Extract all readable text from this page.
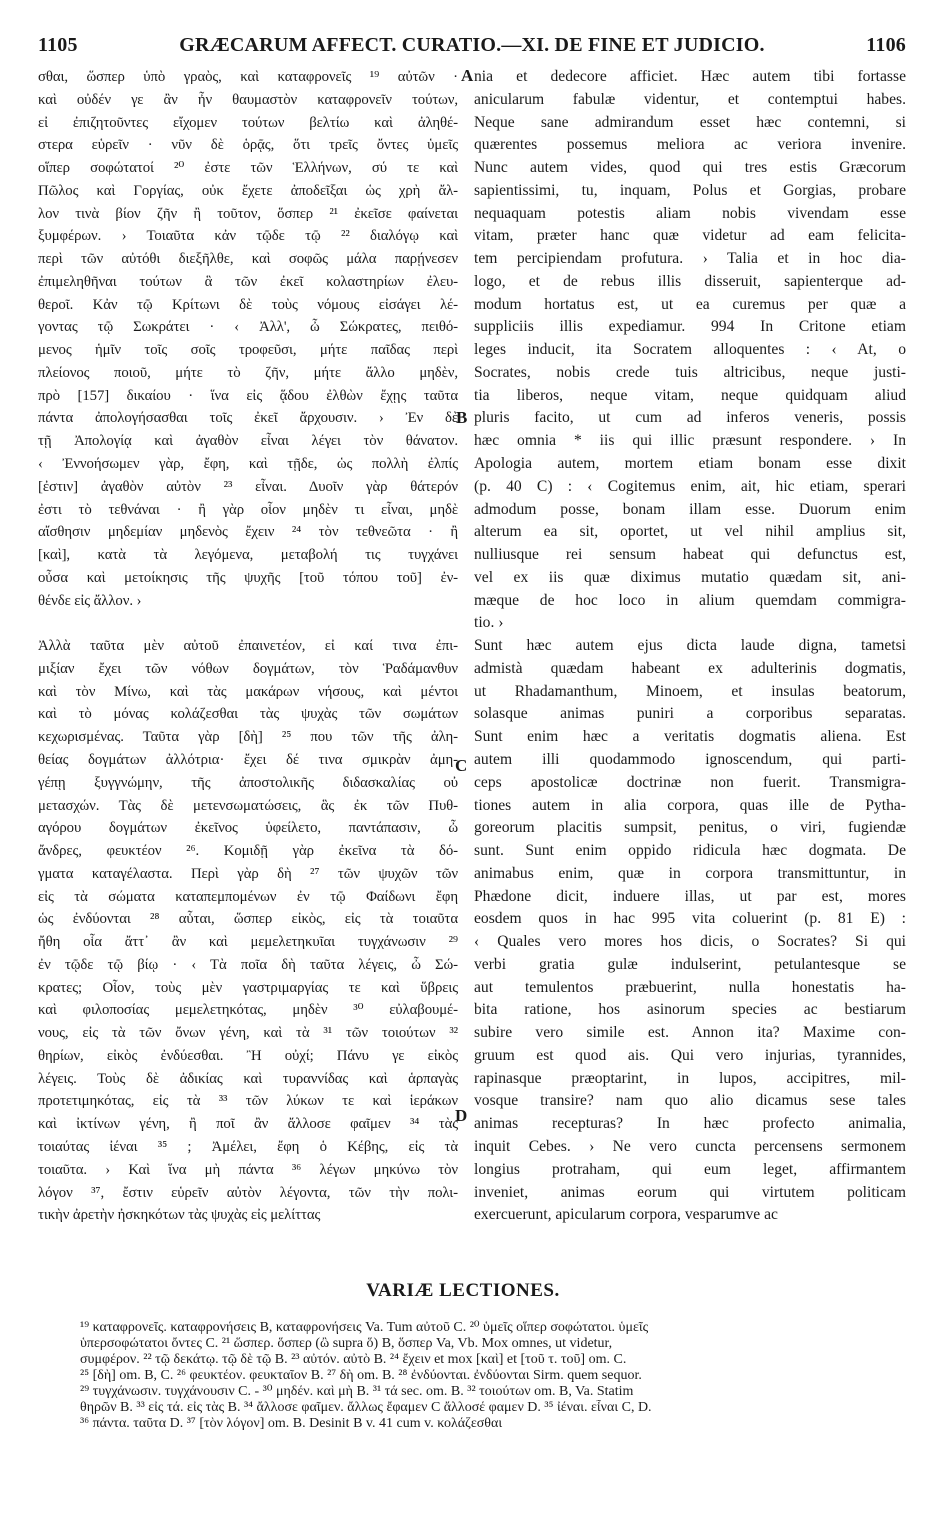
1105	GRÆCARUM AFFECT. CURATIO.—XI. DE FINE ET JUDICIO.	1106
σθαι, ὥσπερ ὑπὸ γραὸς, καὶ καταφρονεῖς ¹⁹ αὐτῶν ·
καὶ οὐδέν γε ἂν ἦν θαυμαστὸν καταφρονεῖν τούτων,
εἰ ἐπιζητοῦντες εἴχομεν τούτων βελτίω καὶ ἀληθέ-
στερα εὑρεῖν · νῦν δὲ ὁρᾷς, ὅτι τρεῖς ὄντες ὑμεῖς
οἵπερ σοφώτατοί ²⁰ ἐστε τῶν Ἑλλήνων, σύ τε καὶ
Πῶλος καὶ Γοργίας, οὐκ ἔχετε ἀποδεῖξαι ὡς χρὴ ἄλ-
λον τινὰ βίον ζῆν ἢ τοῦτον, ὅσπερ ²¹ ἐκεῖσε φαίνεται
ξυμφέρων. › Τοιαῦτα κἀν τῷδε τῷ ²² διαλόγῳ καὶ
περὶ τῶν αὐτόθι διεξῆλθε, καὶ σοφῶς μάλα παρῄνεσεν
ἐπιμεληθῆναι τούτων ἃ τῶν ἐκεῖ κολαστηρίων ἐλευ-
θεροῖ. Κἀν τῷ Κρίτωνι δὲ τοὺς νόμους εἰσάγει λέ-
γοντας τῷ Σωκράτει · ‹ Ἀλλ', ὦ Σώκρατες, πειθό-
μενος ἡμῖν τοῖς σοῖς τροφεῦσι, μήτε παῖδας περὶ
πλείονος ποιοῦ, μήτε τὸ ζῆν, μήτε ἄλλο μηδὲν,
πρὸ [157] δικαίου · ἵνα εἰς ᾅδου ἐλθὼν ἔχῃς ταῦτα
πάντα ἀπολογήσασθαι τοῖς ἐκεῖ ἄρχουσιν. › Ἐν δὲ
τῇ Ἀπολογίᾳ καὶ ἀγαθὸν εἶναι λέγει τὸν θάνατον.
‹ Ἐννοήσωμεν γὰρ, ἔφη, καὶ τῇδε, ὡς πολλὴ ἐλπίς
[ἐστιν] ἀγαθὸν αὐτὸν ²³ εἶναι. Δυοῖν γὰρ θάτερόν
ἐστι τὸ τεθνάναι · ἢ γὰρ οἷον μηδὲν τι εἶναι, μηδὲ
αἴσθησιν μηδεμίαν μηδενὸς ἔχειν ²⁴ τὸν τεθνεῶτα · ἢ
[καὶ], κατὰ τὰ λεγόμενα, μεταβολή τις τυγχάνει
οὖσα καὶ μετοίκησις τῆς ψυχῆς [τοῦ τόπου τοῦ] ἐν-
θένδε εἰς ἄλλον. ›
Ἀλλὰ ταῦτα μὲν αὐτοῦ ἐπαινετέον, εἰ καί τινα ἐπι-
μιξίαν ἔχει τῶν νόθων δογμάτων, τὸν Ῥαδάμανθυν
καὶ τὸν Μίνω, καὶ τὰς μακάρων νήσους, καὶ μέντοι
καὶ τὸ μόνας κολάζεσθαι τὰς ψυχὰς τῶν σωμάτων
κεχωρισμένας. Ταῦτα γὰρ [δὴ] ²⁵ που τῶν τῆς ἀλη-
θείας δογμάτων ἀλλότρια· ἔχει δέ τινα σμικρὰν ἀμη-
γέπῃ ξυγγνώμην, τῆς ἀποστολικῆς διδασκαλίας οὐ
μετασχών. Τὰς δὲ μετενσωματώσεις, ἃς ἐκ τῶν Πυθ-
αγόρου δογμάτων ἐκεῖνος ὑφείλετο, παντάπασιν, ὦ
ἄνδρες, φευκτέον ²⁶. Κομιδῇ γὰρ ἐκεῖνα τὰ δό-
γματα καταγέλαστα. Περὶ γὰρ δὴ ²⁷ τῶν ψυχῶν τῶν
εἰς τὰ σώματα καταπεμπομένων ἐν τῷ Φαίδωνι ἔφη
ὡς ἐνδύονται ²⁸ αὗται, ὥσπερ εἰκὸς, εἰς τὰ τοιαῦτα
ἤθη οἷα ἄττ᾽ ἂν καὶ μεμελετηκυῖαι τυγχάνωσιν ²⁹
ἐν τῷδε τῷ βίῳ · ‹ Τὰ ποῖα δὴ ταῦτα λέγεις, ὦ Σώ-
κρατες; Οἷον, τοὺς μὲν γαστριμαργίας τε καὶ ὕβρεις
καὶ φιλοποσίας μεμελετηκότας, μηδὲν ³⁰ εὐλαβουμέ-
νους, εἰς τὰ τῶν ὄνων γένη, καὶ τὰ ³¹ τῶν τοιούτων ³²
θηρίων, εἰκὸς ἐνδύεσθαι. Ἢ οὐχί; Πάνυ γε εἰκὸς
λέγεις. Τοὺς δὲ ἀδικίας καὶ τυραννίδας καὶ ἁρπαγὰς
προτετιμηκότας, εἰς τὰ ³³ τῶν λύκων τε καὶ ἱεράκων
καὶ ἰκτίνων γένη, ἢ ποῖ ἂν ἄλλοσε φαῖμεν ³⁴ τὰς
τοιαύτας ἰέναι ³⁵ ; Ἀμέλει, ἔφη ὁ Κέβης, εἰς τὰ
τοιαῦτα. › Καὶ ἵνα μὴ πάντα ³⁶ λέγων μηκύνω τὸν
λόγον ³⁷, ἔστιν εὑρεῖν αὐτὸν λέγοντα, τῶν τὴν πολι-
τικὴν ἀρετὴν ἠσκηκότων τὰς ψυχὰς εἰς μελίττας
A nia et dedecore afficiet. Hæc autem tibi fortasse
anicularum fabulæ videntur, et contemptui habes.
Neque sane admirandum esset hæc contemni, si
quærentes possemus meliora ac veriora invenire.
Nunc autem vides, quod qui tres estis Græcorum
sapientissimi, tu, inquam, Polus et Gorgias, probare
nequaquam potestis aliam nobis vivendam esse
vitam, præter hanc quæ videtur ad eam felicita-
tem percipiendam profutura. › Talia et in hoc dia-
logo, et de rebus illis disseruit, sapienterque ad-
modum hortatus est, ut ea curemus per quæ a
suppliciis illis expediamur. 994 In Critone etiam
leges inducit, ita Socratem alloquentes : ‹ At, o
Socrates, nobis crede tuis altricibus, neque justi-
tia liberos, neque vitam, neque quidquam aliud
pluris facito, ut cum ad inferos veneris, possis
hæc omnia * iis qui illic præsunt respondere. › In
Apologia autem, mortem etiam bonam esse dixit
(p. 40 C) : ‹ Cogitemus enim, ait, hic etiam, sperari
admodum posse, bonam illam esse. Duorum enim
alterum ea sit, oportet, ut vel nihil amplius sit,
nulliusque rei sensum habeat qui defunctus est,
vel ex iis quæ diximus mutatio quædam sit, ani-
mæque de hoc loco in alium quemdam commigra-
tio. ›
Sunt hæc autem ejus dicta laude digna, tametsi
admistà quædam habeant ex adulterinis dogmatis,
ut Rhadamanthum, Minoem, et insulas beatorum,
solasque animas puniri a corporibus separatas.
Sunt enim hæc a veritatis dogmatis aliena. Est
autem illi quodammodo ignoscendum, qui parti-
ceps apostolicæ doctrinæ non fuerit. Transmigra-
tiones autem in alia corpora, quas ille de Pytha-
goreorum placitis sumpsit, penitus, o viri, fugiendæ
sunt. Sunt enim oppido ridicula hæc dogmata. De
animabus enim, quæ in corpora transmittuntur, in
Phædone dicit, induere illas, ut par est, mores
eosdem quos in hac 995 vita coluerint (p. 81 E) :
‹ Quales vero mores hos dicis, o Socrates? Si qui
verbi gratia gulæ indulserint, petulantesque se
aut temulentos præbuerint, nulla honestatis ha-
bita ratione, hos asinorum species ac bestiarum
subire vero simile est. Annon ita? Maxime con-
gruum est quod ais. Qui vero injurias, tyrannides,
rapinasque præoptarint, in lupos, accipitres, mil-
vosque transire? nam quo alio dicamus sese tales
animas recepturas? In hæc profecto animalia,
inquit Cebes. › Ne vero cuncta percensens sermonem
longius protraham, qui eum leget, affirmantem
inveniet, animas eorum qui virtutem politicam
exercuerunt, apicularum corpora, vesparumve ac
B
C
D
VARIÆ LECTIONES.
¹⁹ καταφρονεῖς. καταφρονήσεις B, καταφρονήσεις Va. Tum αὐτοῦ C. ²⁰ ὑμεῖς οἵπερ σοφώτατοι. ὑμεῖς
ὑπερσοφώτατοι ὄντες C. ²¹ ὥσπερ. ὅσπερ (ὢ supra ὅ) B, ὅσπερ Va, Vb. Mox omnes, ut videtur,
συμφέρον. ²² τῷ δεκάτῳ. τῷ δὲ τῷ B. ²³ αὐτόν. αὐτὸ B. ²⁴ ἔχειν et mox [καὶ] et [τοῦ τ. τοῦ] om. C.
²⁵ [δὴ] om. B, C. ²⁶ φευκτέον. φευκταῖον B. ²⁷ δὴ om. B. ²⁸ ἐνδύονται. ἐνδύονται Sirm. quem sequor.
²⁹ τυγχάνωσιν. τυγχάνουσιν C. - ³⁰ μηδέν. καὶ μὴ B. ³¹ τά sec. om. B. ³² τοιούτων om. B, Va. Statim
θηρῶν B. ³³ εἰς τά. εἰς τὰς B. ³⁴ ἄλλοσε φαῖμεν. ἄλλως ἔφαμεν C ἄλλοσέ φαμεν D. ³⁵ ἰέναι. εἶναι C, D.
³⁶ πάντα. ταῦτα D. ³⁷ [τὸν λόγον] om. B. Desinit B v. 41 cum v. κολάζεσθαι
